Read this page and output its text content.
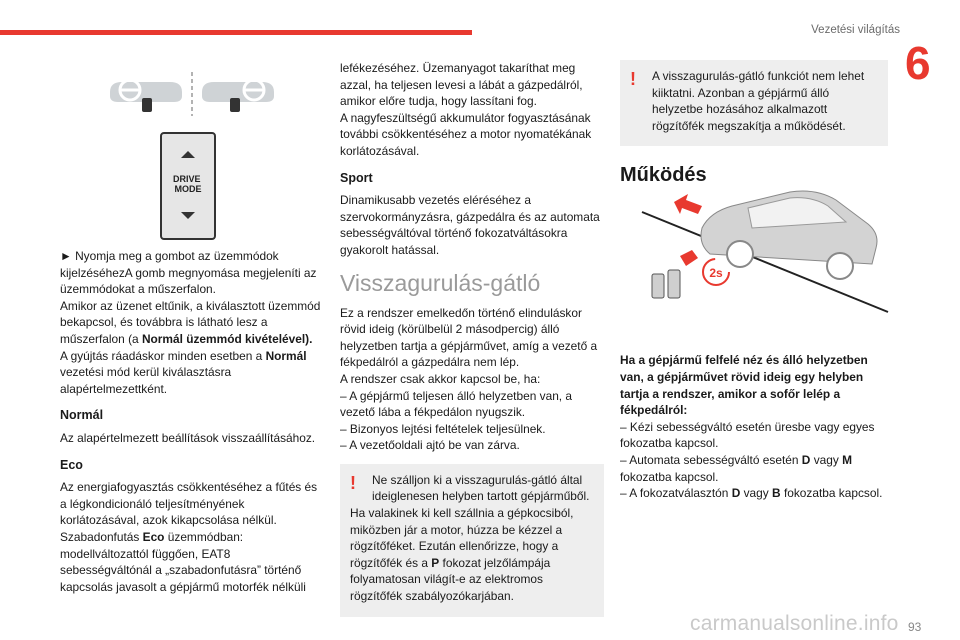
Vezetési világítás
6
DRIVE MODE

► Nyomja meg a gombot az üzemmódok kijelzéséhezA gomb megnyomása megjeleníti az üzemmódokat a műszerfalon.

Amikor az üzenet eltűnik, a kiválasztott üzemmód bekapcsol, és továbbra is látható lesz a műszerfalon (a Normál üzemmód kivételével).

A gyújtás ráadáskor minden esetben a Normál vezetési mód kerül kiválasztásra alapértelmezettként.

Normál

Az alapértelmezett beállítások visszaállításához.

Eco

Az energiafogyasztás csökkentéséhez a fűtés és a légkondicionáló teljesítményének korlátozásával, azok kikapcsolása nélkül.

Szabadonfutás Eco üzemmódban:

modellváltozattól függően, EAT8 sebességváltónál a „szabadonfutásra” történő kapcsolás javasolt a gépjármű motorfék nélküli

lefékezéséhez. Üzemanyagot takaríthat meg azzal, ha teljesen levesi a lábát a gázpedálról, amikor előre tudja, hogy lassítani fog.

A nagyfeszültségű akkumulátor fogyasztásának további csökkentéséhez a motor nyomatékának korlátozásával.

Sport

Dinamikusabb vezetés eléréséhez a szervokormányzásra, gázpedálra és az automata sebességváltóval történő fokozatváltásokra gyakorolt hatással.

Visszagurulás-gátló

Ez a rendszer emelkedőn történő elinduláskor rövid ideig (körülbelül 2 másodpercig) álló helyzetben tartja a gépjárművet, amíg a vezető a fékpedálról a gázpedálra nem lép.

A rendszer csak akkor kapcsol be, ha:

– A gépjármű teljesen álló helyzetben van, a vezető lába a fékpedálon nyugszik.

– Bizonyos lejtési feltételek teljesülnek.

– A vezetőoldali ajtó be van zárva.

!	Ne szálljon ki a visszagurulás-gátló által ideiglenesen helyben tartott gépjárműből.

Ha valakinek ki kell szállnia a gépkocsiból, miközben jár a motor, húzza be kézzel a rögzítőféket. Ezután ellenőrizze, hogy a rögzítőfék és a P fokozat jelzőlámpája folyamatosan világít-e az elektromos rögzítőfék szabályozókarjában.

!	A visszagurulás-gátló funkciót nem lehet kiiktatni. Azonban a gépjármű álló helyzetbe hozásához alkalmazott rögzítőfék megszakítja a működését.

Működés

Ha a gépjármű felfelé néz és álló helyzetben van, a gépjárművet rövid ideig egy helyben tartja a rendszer, amikor a sofőr lelép a fékpedálról:

– Kézi sebességváltó esetén üresbe vagy egyes fokozatba kapcsol.

– Automata sebességváltó esetén D vagy M fokozatba kapcsol.

– A fokozatválasztón D vagy B fokozatba kapcsol.

2s
carmanualsonline.info 93
